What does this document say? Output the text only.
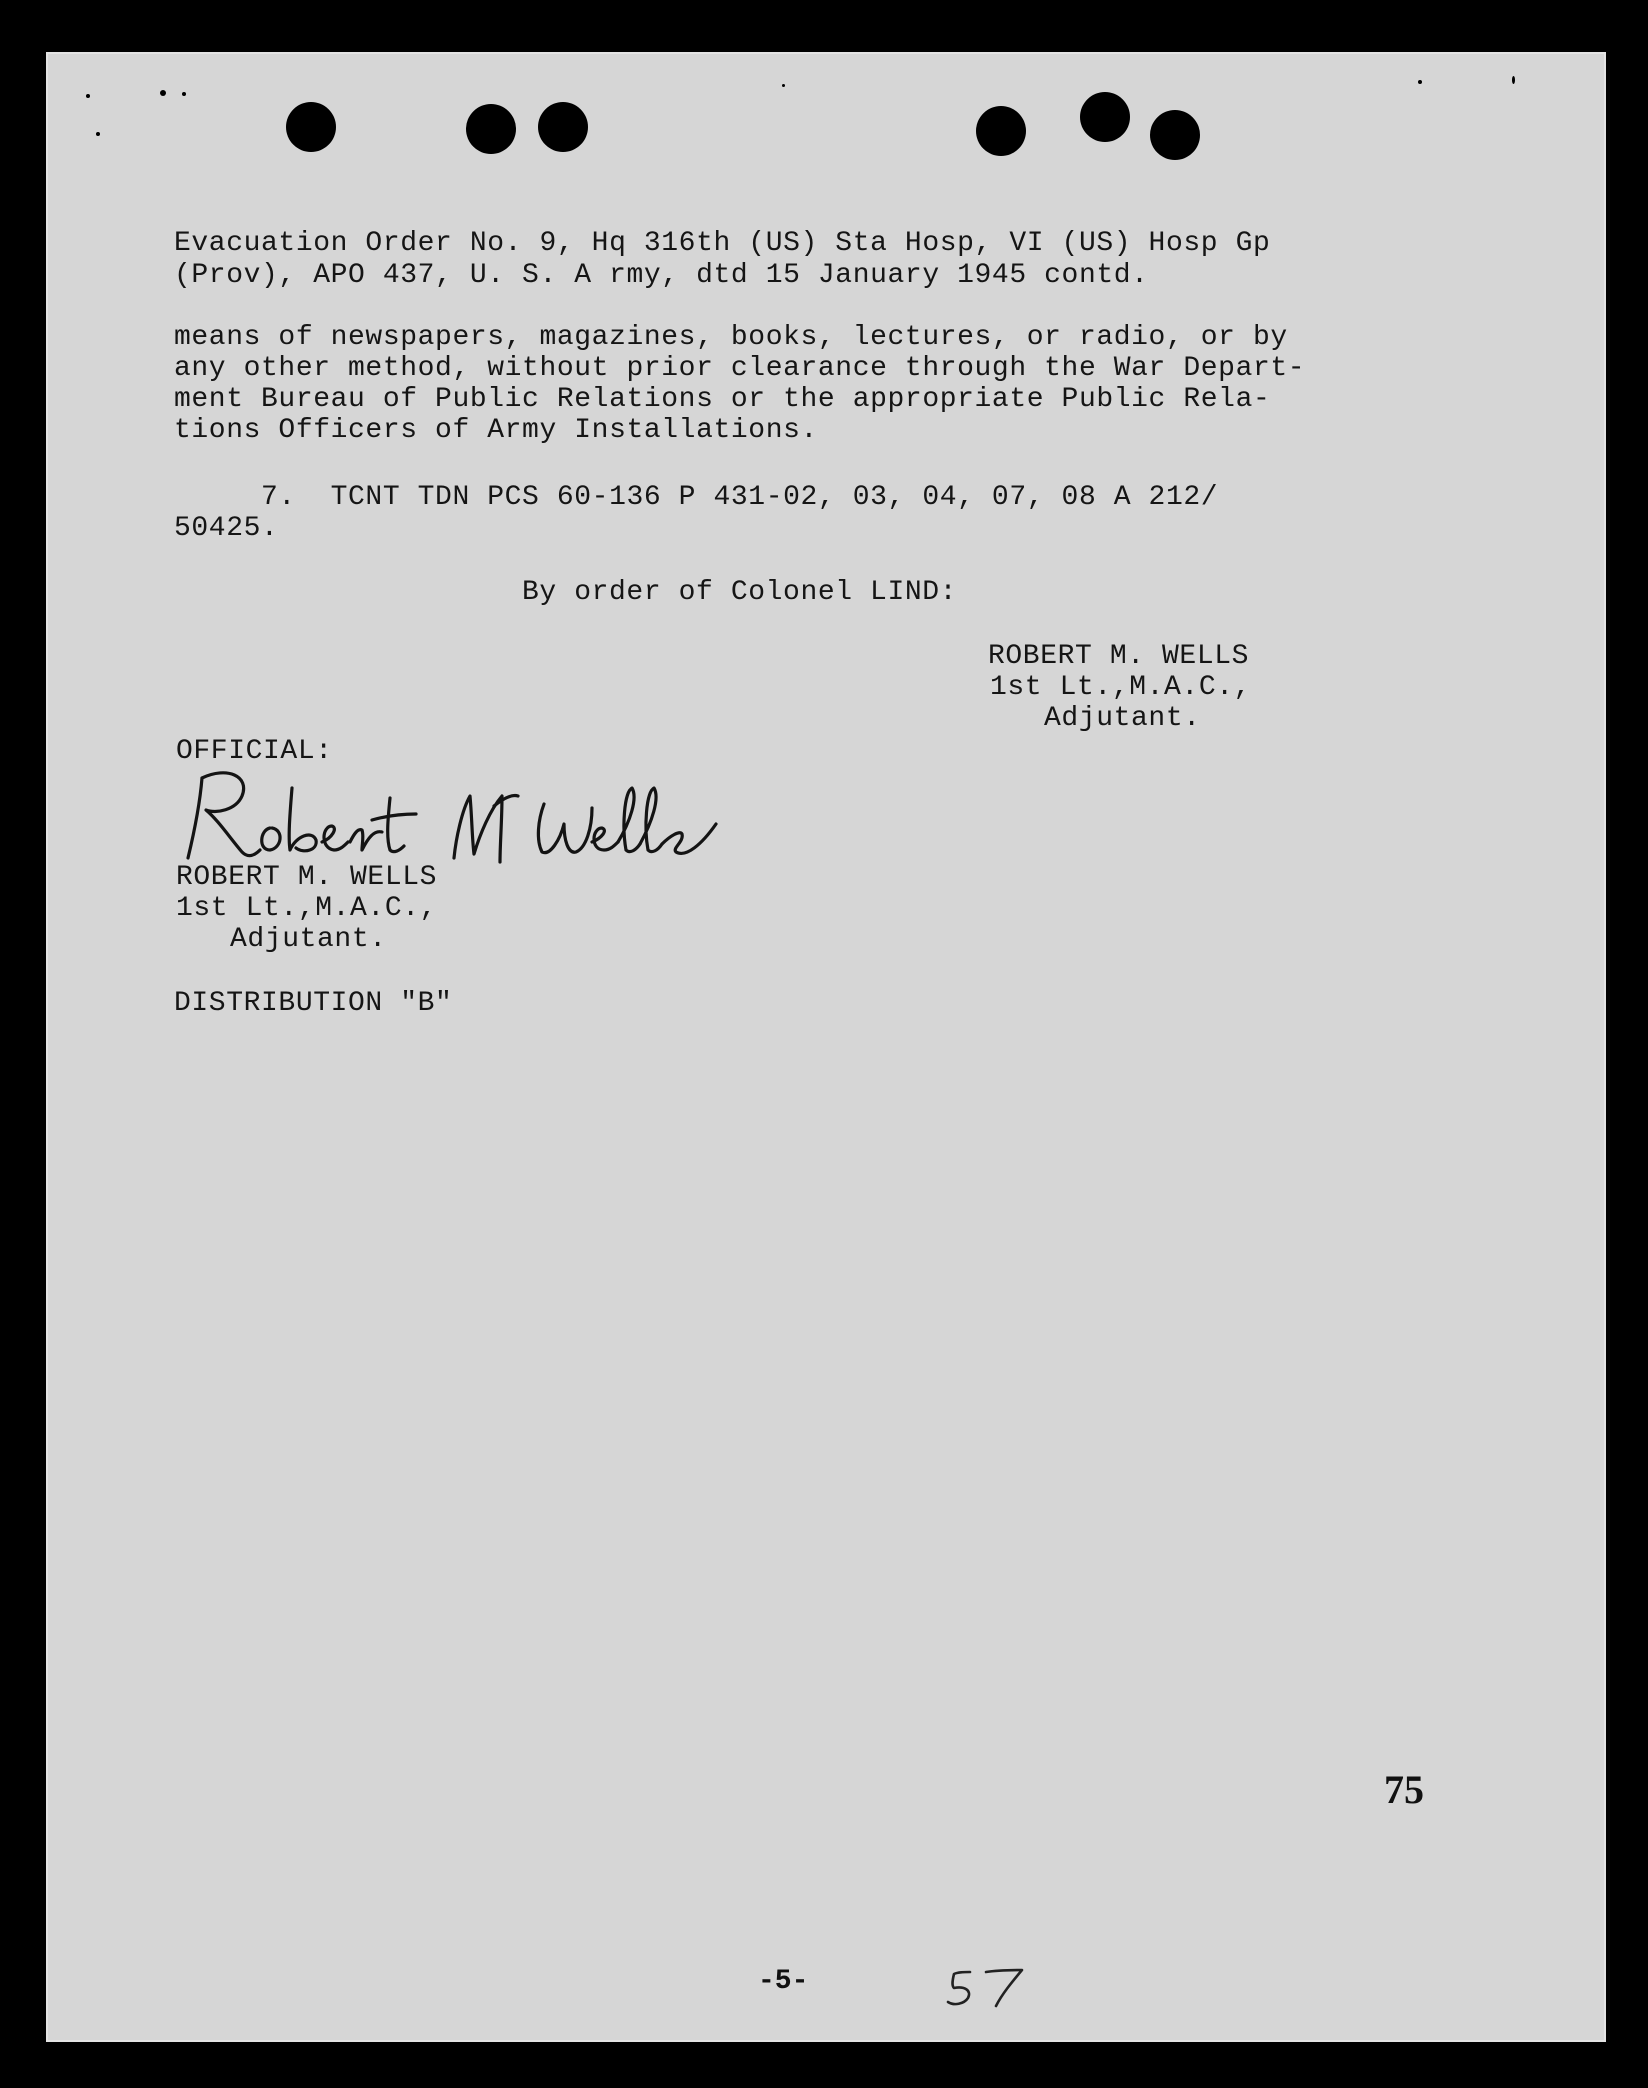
Evacuation Order No. 9, Hq 316th (US) Sta Hosp, VI (US) Hosp Gp

(Prov), APO 437, U. S. A rmy, dtd 15 January 1945 contd.

means of newspapers, magazines, books, lectures, or radio, or by

any other method, without prior clearance through the War Depart-

ment Bureau of Public Relations or the appropriate Public Rela-

tions Officers of Army Installations.

7.  TCNT TDN PCS 60-136 P 431-02, 03, 04, 07, 08 A 212/

50425.

By order of Colonel LIND:

ROBERT M. WELLS

1st Lt.,M.A.C.,

Adjutant.

OFFICIAL:

ROBERT M. WELLS

1st Lt.,M.A.C.,

Adjutant.

DISTRIBUTION "B"

75
-5-
